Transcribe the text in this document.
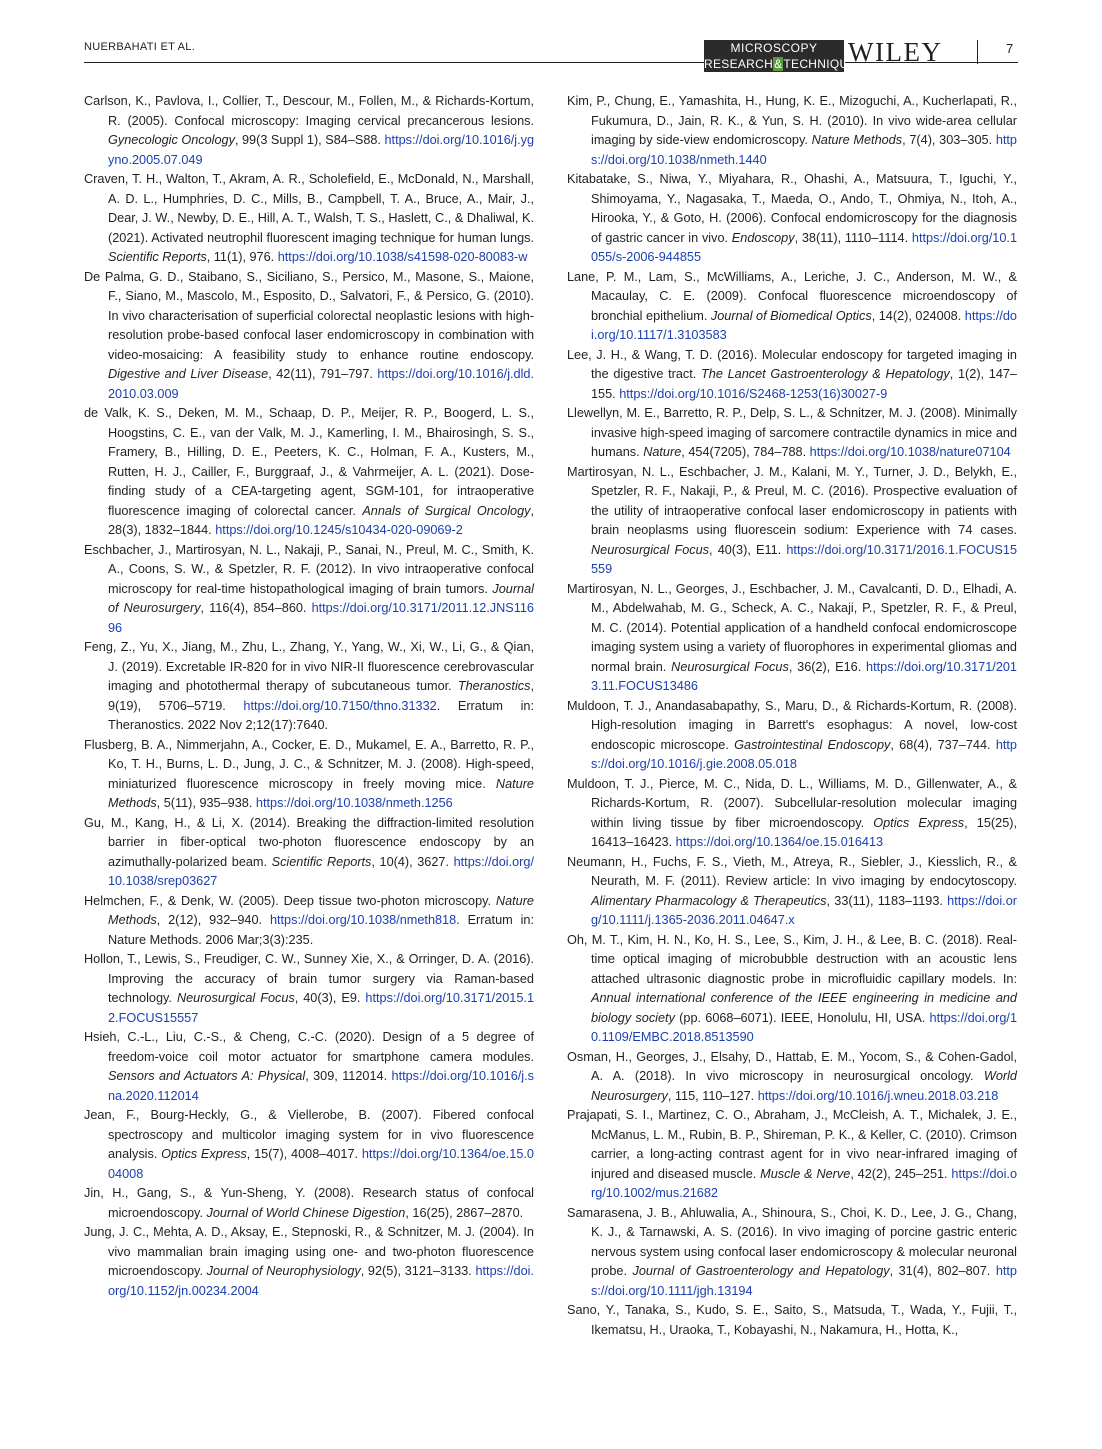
NUERBAHATI ET AL.	MICROSCOPY
RESEARCH&TECHNIQUE
WILEY	7

Carlson, K., Pavlova, I., Collier, T., Descour, M., Follen, M., & Richards-Kortum, R. (2005). Confocal microscopy: Imaging cervical precancerous lesions. Gynecologic Oncology, 99(3 Suppl 1), S84–S88. https://doi.org/10.1016/j.ygyno.2005.07.049

Craven, T. H., Walton, T., Akram, A. R., Scholefield, E., McDonald, N., Marshall, A. D. L., Humphries, D. C., Mills, B., Campbell, T. A., Bruce, A., Mair, J., Dear, J. W., Newby, D. E., Hill, A. T., Walsh, T. S., Haslett, C., & Dhaliwal, K. (2021). Activated neutrophil fluorescent imaging technique for human lungs. Scientific Reports, 11(1), 976. https://doi.org/10.1038/s41598-020-80083-w

De Palma, G. D., Staibano, S., Siciliano, S., Persico, M., Masone, S., Maione, F., Siano, M., Mascolo, M., Esposito, D., Salvatori, F., & Persico, G. (2010). In vivo characterisation of superficial colorectal neoplastic lesions with high-resolution probe-based confocal laser endomicroscopy in combination with video-mosaicing: A feasibility study to enhance routine endoscopy. Digestive and Liver Disease, 42(11), 791–797. https://doi.org/10.1016/j.dld.2010.03.009

de Valk, K. S., Deken, M. M., Schaap, D. P., Meijer, R. P., Boogerd, L. S., Hoogstins, C. E., van der Valk, M. J., Kamerling, I. M., Bhairosingh, S. S., Framery, B., Hilling, D. E., Peeters, K. C., Holman, F. A., Kusters, M., Rutten, H. J., Cailler, F., Burggraaf, J., & Vahrmeijer, A. L. (2021). Dose-finding study of a CEA-targeting agent, SGM-101, for intraoperative fluorescence imaging of colorectal cancer. Annals of Surgical Oncology, 28(3), 1832–1844. https://doi.org/10.1245/s10434-020-09069-2

Eschbacher, J., Martirosyan, N. L., Nakaji, P., Sanai, N., Preul, M. C., Smith, K. A., Coons, S. W., & Spetzler, R. F. (2012). In vivo intraoperative confocal microscopy for real-time histopathological imaging of brain tumors. Journal of Neurosurgery, 116(4), 854–860. https://doi.org/10.3171/2011.12.JNS11696

Feng, Z., Yu, X., Jiang, M., Zhu, L., Zhang, Y., Yang, W., Xi, W., Li, G., & Qian, J. (2019). Excretable IR-820 for in vivo NIR-II fluorescence cerebrovascular imaging and photothermal therapy of subcutaneous tumor. Theranostics, 9(19), 5706–5719. https://doi.org/10.7150/thno.31332. Erratum in: Theranostics. 2022 Nov 2;12(17):7640.

Flusberg, B. A., Nimmerjahn, A., Cocker, E. D., Mukamel, E. A., Barretto, R. P., Ko, T. H., Burns, L. D., Jung, J. C., & Schnitzer, M. J. (2008). High-speed, miniaturized fluorescence microscopy in freely moving mice. Nature Methods, 5(11), 935–938. https://doi.org/10.1038/nmeth.1256

Gu, M., Kang, H., & Li, X. (2014). Breaking the diffraction-limited resolution barrier in fiber-optical two-photon fluorescence endoscopy by an azimuthally-polarized beam. Scientific Reports, 10(4), 3627. https://doi.org/10.1038/srep03627

Helmchen, F., & Denk, W. (2005). Deep tissue two-photon microscopy. Nature Methods, 2(12), 932–940. https://doi.org/10.1038/nmeth818. Erratum in: Nature Methods. 2006 Mar;3(3):235.

Hollon, T., Lewis, S., Freudiger, C. W., Sunney Xie, X., & Orringer, D. A. (2016). Improving the accuracy of brain tumor surgery via Raman-based technology. Neurosurgical Focus, 40(3), E9. https://doi.org/10.3171/2015.12.FOCUS15557

Hsieh, C.-L., Liu, C.-S., & Cheng, C.-C. (2020). Design of a 5 degree of freedom-voice coil motor actuator for smartphone camera modules. Sensors and Actuators A: Physical, 309, 112014. https://doi.org/10.1016/j.sna.2020.112014

Jean, F., Bourg-Heckly, G., & Viellerobe, B. (2007). Fibered confocal spectroscopy and multicolor imaging system for in vivo fluorescence analysis. Optics Express, 15(7), 4008–4017. https://doi.org/10.1364/oe.15.004008

Jin, H., Gang, S., & Yun-Sheng, Y. (2008). Research status of confocal microendoscopy. Journal of World Chinese Digestion, 16(25), 2867–2870.

Jung, J. C., Mehta, A. D., Aksay, E., Stepnoski, R., & Schnitzer, M. J. (2004). In vivo mammalian brain imaging using one- and two-photon fluorescence microendoscopy. Journal of Neurophysiology, 92(5), 3121–3133. https://doi.org/10.1152/jn.00234.2004

Kim, P., Chung, E., Yamashita, H., Hung, K. E., Mizoguchi, A., Kucherlapati, R., Fukumura, D., Jain, R. K., & Yun, S. H. (2010). In vivo wide-area cellular imaging by side-view endomicroscopy. Nature Methods, 7(4), 303–305. https://doi.org/10.1038/nmeth.1440

Kitabatake, S., Niwa, Y., Miyahara, R., Ohashi, A., Matsuura, T., Iguchi, Y., Shimoyama, Y., Nagasaka, T., Maeda, O., Ando, T., Ohmiya, N., Itoh, A., Hirooka, Y., & Goto, H. (2006). Confocal endomicroscopy for the diagnosis of gastric cancer in vivo. Endoscopy, 38(11), 1110–1114. https://doi.org/10.1055/s-2006-944855

Lane, P. M., Lam, S., McWilliams, A., Leriche, J. C., Anderson, M. W., & Macaulay, C. E. (2009). Confocal fluorescence microendoscopy of bronchial epithelium. Journal of Biomedical Optics, 14(2), 024008. https://doi.org/10.1117/1.3103583

Lee, J. H., & Wang, T. D. (2016). Molecular endoscopy for targeted imaging in the digestive tract. The Lancet Gastroenterology & Hepatology, 1(2), 147–155. https://doi.org/10.1016/S2468-1253(16)30027-9

Llewellyn, M. E., Barretto, R. P., Delp, S. L., & Schnitzer, M. J. (2008). Minimally invasive high-speed imaging of sarcomere contractile dynamics in mice and humans. Nature, 454(7205), 784–788. https://doi.org/10.1038/nature07104

Martirosyan, N. L., Eschbacher, J. M., Kalani, M. Y., Turner, J. D., Belykh, E., Spetzler, R. F., Nakaji, P., & Preul, M. C. (2016). Prospective evaluation of the utility of intraoperative confocal laser endomicroscopy in patients with brain neoplasms using fluorescein sodium: Experience with 74 cases. Neurosurgical Focus, 40(3), E11. https://doi.org/10.3171/2016.1.FOCUS15559

Martirosyan, N. L., Georges, J., Eschbacher, J. M., Cavalcanti, D. D., Elhadi, A. M., Abdelwahab, M. G., Scheck, A. C., Nakaji, P., Spetzler, R. F., & Preul, M. C. (2014). Potential application of a handheld confocal endomicroscope imaging system using a variety of fluorophores in experimental gliomas and normal brain. Neurosurgical Focus, 36(2), E16. https://doi.org/10.3171/2013.11.FOCUS13486

Muldoon, T. J., Anandasabapathy, S., Maru, D., & Richards-Kortum, R. (2008). High-resolution imaging in Barrett's esophagus: A novel, low-cost endoscopic microscope. Gastrointestinal Endoscopy, 68(4), 737–744. https://doi.org/10.1016/j.gie.2008.05.018

Muldoon, T. J., Pierce, M. C., Nida, D. L., Williams, M. D., Gillenwater, A., & Richards-Kortum, R. (2007). Subcellular-resolution molecular imaging within living tissue by fiber microendoscopy. Optics Express, 15(25), 16413–16423. https://doi.org/10.1364/oe.15.016413

Neumann, H., Fuchs, F. S., Vieth, M., Atreya, R., Siebler, J., Kiesslich, R., & Neurath, M. F. (2011). Review article: In vivo imaging by endocytoscopy. Alimentary Pharmacology & Therapeutics, 33(11), 1183–1193. https://doi.org/10.1111/j.1365-2036.2011.04647.x

Oh, M. T., Kim, H. N., Ko, H. S., Lee, S., Kim, J. H., & Lee, B. C. (2018). Real-time optical imaging of microbubble destruction with an acoustic lens attached ultrasonic diagnostic probe in microfluidic capillary models. In: Annual international conference of the IEEE engineering in medicine and biology society (pp. 6068–6071). IEEE, Honolulu, HI, USA. https://doi.org/10.1109/EMBC.2018.8513590

Osman, H., Georges, J., Elsahy, D., Hattab, E. M., Yocom, S., & Cohen-Gadol, A. A. (2018). In vivo microscopy in neurosurgical oncology. World Neurosurgery, 115, 110–127. https://doi.org/10.1016/j.wneu.2018.03.218

Prajapati, S. I., Martinez, C. O., Abraham, J., McCleish, A. T., Michalek, J. E., McManus, L. M., Rubin, B. P., Shireman, P. K., & Keller, C. (2010). Crimson carrier, a long-acting contrast agent for in vivo near-infrared imaging of injured and diseased muscle. Muscle & Nerve, 42(2), 245–251. https://doi.org/10.1002/mus.21682

Samarasena, J. B., Ahluwalia, A., Shinoura, S., Choi, K. D., Lee, J. G., Chang, K. J., & Tarnawski, A. S. (2016). In vivo imaging of porcine gastric enteric nervous system using confocal laser endomicroscopy & molecular neuronal probe. Journal of Gastroenterology and Hepatology, 31(4), 802–807. https://doi.org/10.1111/jgh.13194

Sano, Y., Tanaka, S., Kudo, S. E., Saito, S., Matsuda, T., Wada, Y., Fujii, T., Ikematsu, H., Uraoka, T., Kobayashi, N., Nakamura, H., Hotta, K.,
